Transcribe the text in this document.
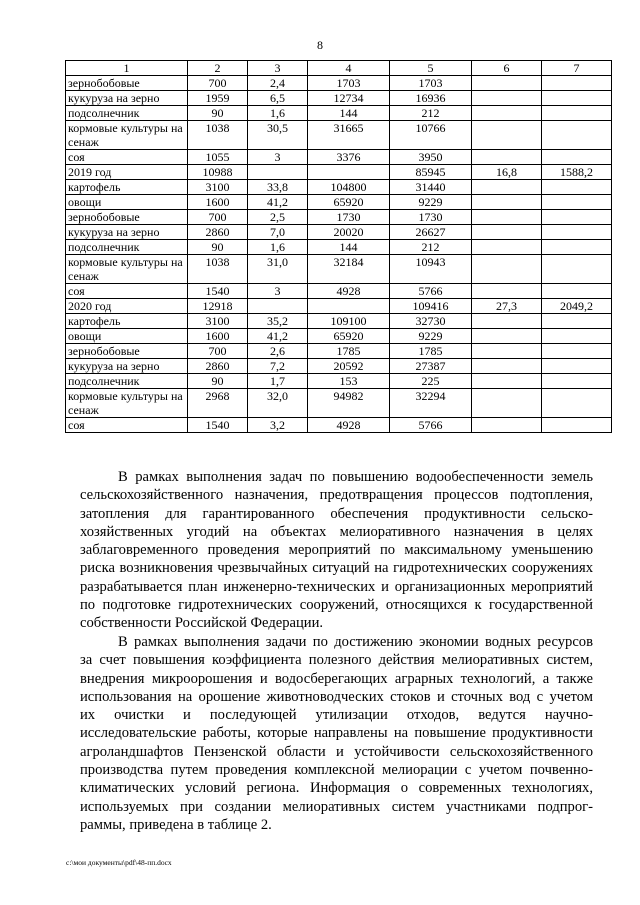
8
1	2	3	4	5	6	7
зернобобовые	700	2,4	1703	1703		
кукуруза на зерно	1959	6,5	12734	16936		
подсолнечник	90	1,6	144	212		
кормовые культуры на сенаж	1038	30,5	31665	10766		
соя	1055	3	3376	3950		
2019 год	10988			85945	16,8	1588,2
картофель	3100	33,8	104800	31440		
овощи	1600	41,2	65920	9229		
зернобобовые	700	2,5	1730	1730		
кукуруза на зерно	2860	7,0	20020	26627		
подсолнечник	90	1,6	144	212		
кормовые культуры на сенаж	1038	31,0	32184	10943		
соя	1540	3	4928	5766		
2020 год	12918			109416	27,3	2049,2
картофель	3100	35,2	109100	32730		
овощи	1600	41,2	65920	9229		
зернобобовые	700	2,6	1785	1785		
кукуруза на зерно	2860	7,2	20592	27387		
подсолнечник	90	1,7	153	225		
кормовые культуры на сенаж	2968	32,0	94982	32294		
соя	1540	3,2	4928	5766		
В рамках выполнения задач по повышению водообеспеченности земель
сельскохозяйственного назначения, предотвращения процессов подтопления,
затопления для гарантированного обеспечения продуктивности сельско-
хозяйственных угодий на объектах мелиоративного назначения в целях
заблаговременного проведения мероприятий по максимальному уменьшению
риска возникновения чрезвычайных ситуаций на гидротехнических сооружениях
разрабатывается план инженерно-технических и организационных мероприятий
по подготовке гидротехнических сооружений, относящихся к государственной
собственности Российской Федерации.
В рамках выполнения задачи по достижению экономии водных ресурсов
за счет повышения коэффициента полезного действия мелиоративных систем,
внедрения микроорошения и водосберегающих аграрных технологий, а также
использования на орошение животноводческих стоков и сточных вод с учетом
их очистки и последующей утилизации отходов, ведутся научно-
исследовательские работы, которые направлены на повышение продуктивности
агроландшафтов Пензенской области и устойчивости сельскохозяйственного
производства путем проведения комплексной мелиорации с учетом почвенно-
климатических условий региона. Информация о современных технологиях,
используемых при создании мелиоративных систем участниками подпрог-
раммы, приведена в таблице 2.
c:\мои документы\pdf\48-пп.docx
